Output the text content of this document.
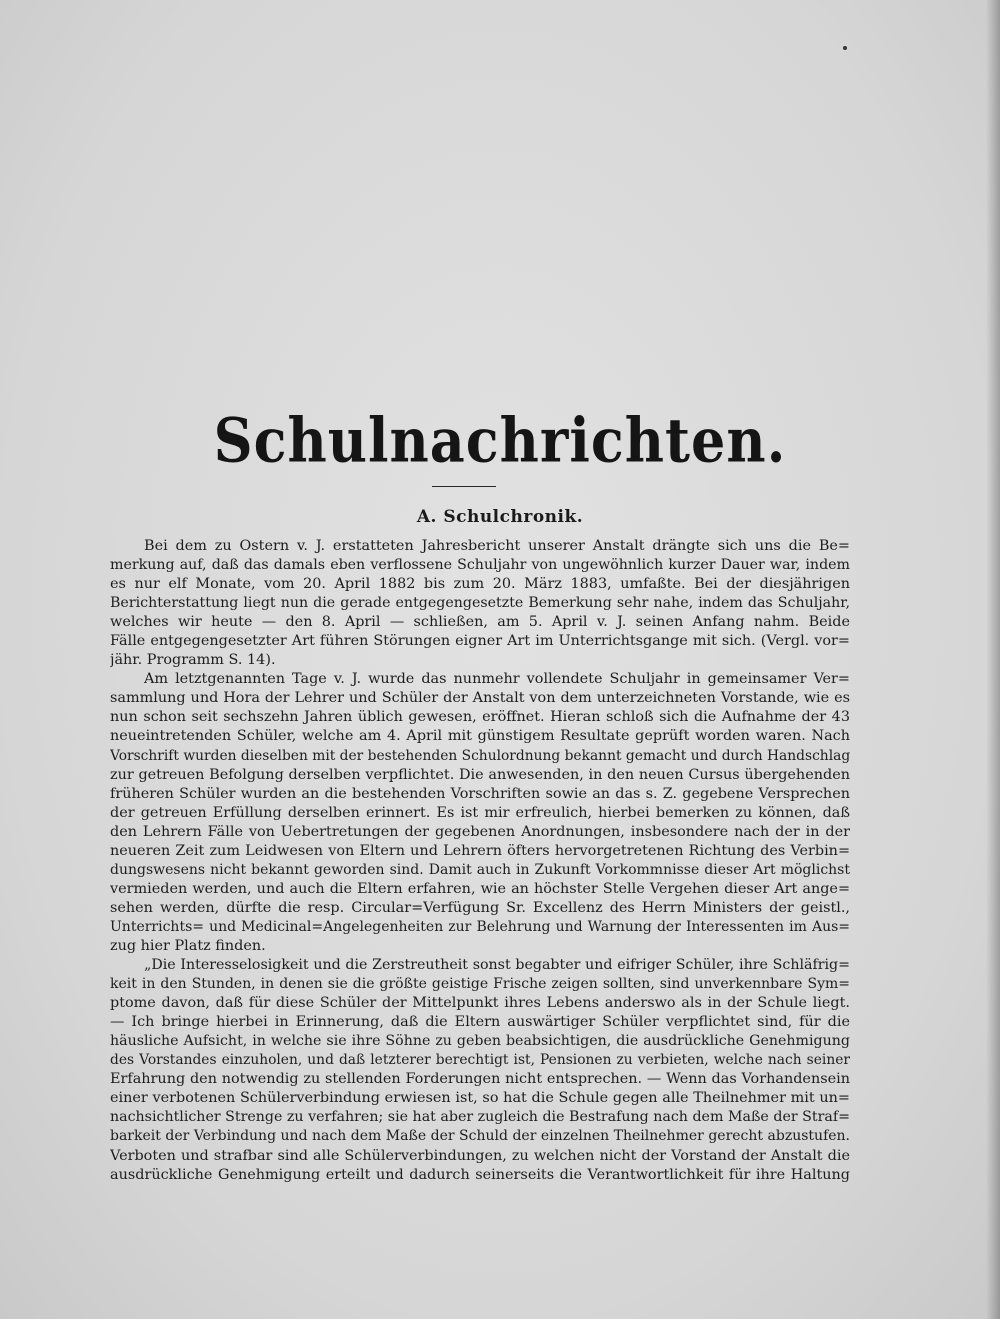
Schulnachrichten.
A. Schulchronik.
Bei dem zu Ostern v. J. erstatteten Jahresbericht unserer Anstalt drängte sich uns die Be=
merkung auf, daß das damals eben verflossene Schuljahr von ungewöhnlich kurzer Dauer war, indem
es nur elf Monate, vom 20. April 1882 bis zum 20. März 1883, umfaßte. Bei der diesjährigen
Berichterstattung liegt nun die gerade entgegengesetzte Bemerkung sehr nahe, indem das Schuljahr,
welches wir heute — den 8. April — schließen, am 5. April v. J. seinen Anfang nahm. Beide
Fälle entgegengesetzter Art führen Störungen eigner Art im Unterrichtsgange mit sich. (Vergl. vor=
jähr. Programm S. 14).
Am letztgenannten Tage v. J. wurde das nunmehr vollendete Schuljahr in gemeinsamer Ver=
sammlung und Hora der Lehrer und Schüler der Anstalt von dem unterzeichneten Vorstande, wie es
nun schon seit sechszehn Jahren üblich gewesen, eröffnet. Hieran schloß sich die Aufnahme der 43
neueintretenden Schüler, welche am 4. April mit günstigem Resultate geprüft worden waren. Nach
Vorschrift wurden dieselben mit der bestehenden Schulordnung bekannt gemacht und durch Handschlag
zur getreuen Befolgung derselben verpflichtet. Die anwesenden, in den neuen Cursus übergehenden
früheren Schüler wurden an die bestehenden Vorschriften sowie an das s. Z. gegebene Versprechen
der getreuen Erfüllung derselben erinnert. Es ist mir erfreulich, hierbei bemerken zu können, daß
den Lehrern Fälle von Uebertretungen der gegebenen Anordnungen, insbesondere nach der in der
neueren Zeit zum Leidwesen von Eltern und Lehrern öfters hervorgetretenen Richtung des Verbin=
dungswesens nicht bekannt geworden sind. Damit auch in Zukunft Vorkommnisse dieser Art möglichst
vermieden werden, und auch die Eltern erfahren, wie an höchster Stelle Vergehen dieser Art ange=
sehen werden, dürfte die resp. Circular=Verfügung Sr. Excellenz des Herrn Ministers der geistl.,
Unterrichts= und Medicinal=Angelegenheiten zur Belehrung und Warnung der Interessenten im Aus=
zug hier Platz finden.
„Die Interesselosigkeit und die Zerstreutheit sonst begabter und eifriger Schüler, ihre Schläfrig=
keit in den Stunden, in denen sie die größte geistige Frische zeigen sollten, sind unverkennbare Sym=
ptome davon, daß für diese Schüler der Mittelpunkt ihres Lebens anderswo als in der Schule liegt.
— Ich bringe hierbei in Erinnerung, daß die Eltern auswärtiger Schüler verpflichtet sind, für die
häusliche Aufsicht, in welche sie ihre Söhne zu geben beabsichtigen, die ausdrückliche Genehmigung
des Vorstandes einzuholen, und daß letzterer berechtigt ist, Pensionen zu verbieten, welche nach seiner
Erfahrung den notwendig zu stellenden Forderungen nicht entsprechen. — Wenn das Vorhandensein
einer verbotenen Schülerverbindung erwiesen ist, so hat die Schule gegen alle Theilnehmer mit un=
nachsichtlicher Strenge zu verfahren; sie hat aber zugleich die Bestrafung nach dem Maße der Straf=
barkeit der Verbindung und nach dem Maße der Schuld der einzelnen Theilnehmer gerecht abzustufen.
Verboten und strafbar sind alle Schülerverbindungen, zu welchen nicht der Vorstand der Anstalt die
ausdrückliche Genehmigung erteilt und dadurch seinerseits die Verantwortlichkeit für ihre Haltung
